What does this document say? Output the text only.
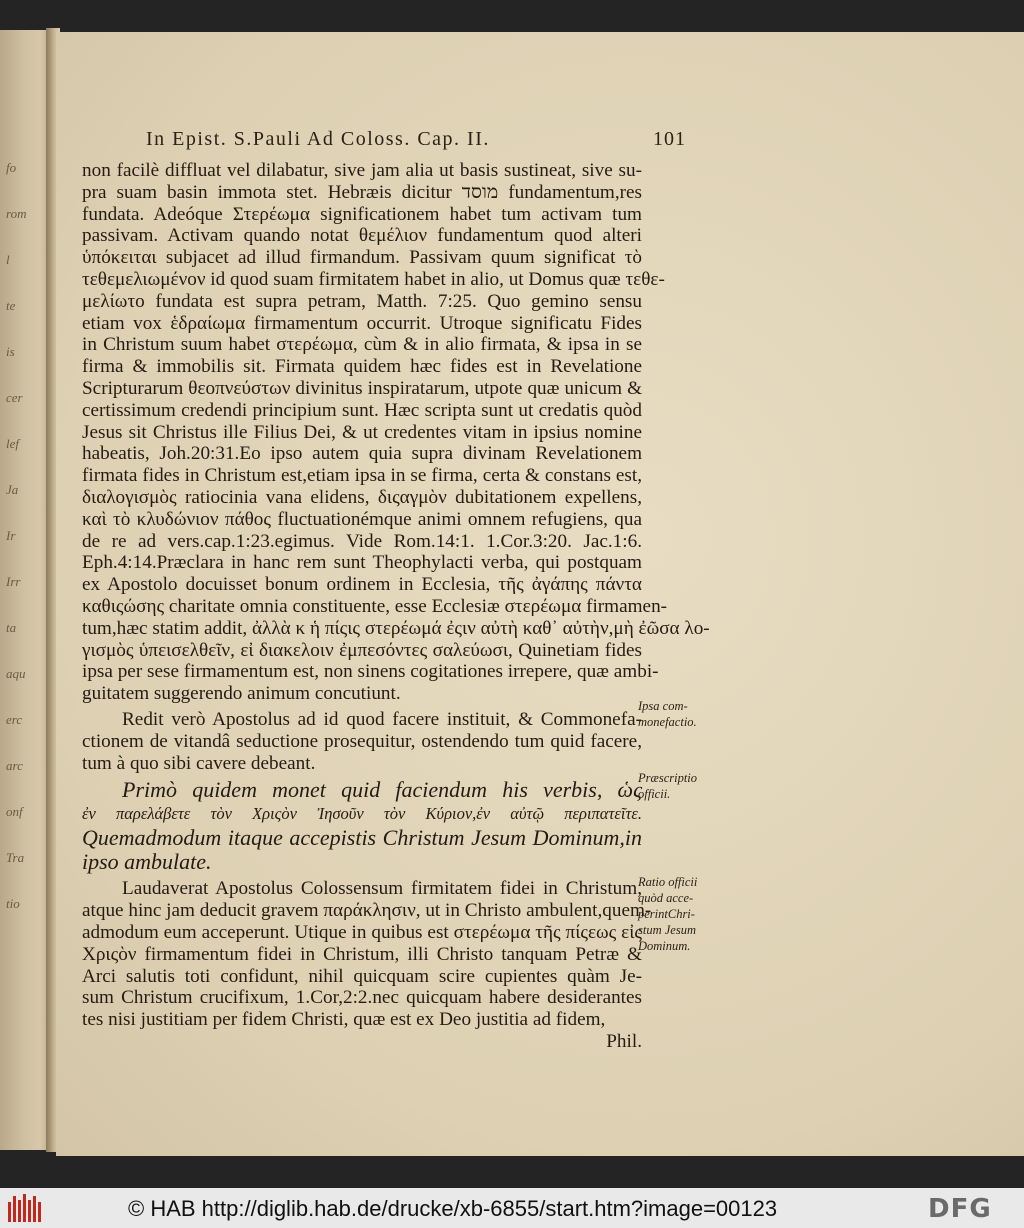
fo
rom
l
te
is
cer
lef
Ja
Ir
Irr
ta
aqu
erc
arc
onf
Tra
tio
In Epist. S.Pauli Ad Coloss. Cap. II.	101
non facilè diffluat vel dilabatur, sive jam alia ut basis sustineat, sive su-
pra suam basin immota stet. Hebræis dicitur מוסד fundamentum,res
fundata. Adeóque Στερέωμα significationem habet tum activam tum
passivam. Activam quando notat θεμέλιον fundamentum quod alteri
ὑπόκειται subjacet ad illud firmandum. Passivam quum significat τὸ
τεθεμελιωμένον id quod suam firmitatem habet in alio, ut Domus quæ τεθε-
μελίωτο fundata est supra petram, Matth. 7:25. Quo gemino sensu
etiam vox ἑδραίωμα firmamentum occurrit. Utroque significatu Fides
in Christum suum habet στερέωμα, cùm & in alio firmata, & ipsa in se
firma & immobilis sit. Firmata quidem hæc fides est in Revelatione
Scripturarum θεοπνεύστων divinitus inspiratarum, utpote quæ unicum &
certissimum credendi principium sunt. Hæc scripta sunt ut credatis quòd
Jesus sit Christus ille Filius Dei, & ut credentes vitam in ipsius nomine
habeatis, Joh.20:31.Eo ipso autem quia supra divinam Revelationem
firmata fides in Christum est,etiam ipsa in se firma, certa & constans est,
διαλογισμὸς ratiocinia vana elidens, διςαγμὸν dubitationem expellens,
καὶ τὸ κλυδώνιον πάθος fluctuationémque animi omnem refugiens, qua
de re ad vers.cap.1:23.egimus. Vide Rom.14:1. 1.Cor.3:20. Jac.1:6.
Eph.4:14.Præclara in hanc rem sunt Theophylacti verba, qui postquam
ex Apostolo docuisset bonum ordinem in Ecclesia, τῆς ἀγάπης πάντα
καθιςώσης charitate omnia constituente, esse Ecclesiæ στερέωμα firmamen-
tum,hæc statim addit, ἀλλὰ κ ἡ πίςις στερέωμά ἐςιν αὐτὴ καθ᾽ αὐτὴν,μὴ ἐῶσα λο-
γισμὸς ὑπεισελθεῖν, εἰ διακελοιν ἐμπεσόντες σαλεύωσι, Quinetiam fides
ipsa per sese firmamentum est, non sinens cogitationes irrepere, quæ ambi-
guitatem suggerendo animum concutiunt.
Redit verò Apostolus ad id quod facere instituit, & Commonefa-
ctionem de vitandâ seductione prosequitur, ostendendo tum quid facere,
tum à quo sibi cavere debeant.
Primò quidem monet quid faciendum his verbis, ὡς
ἐν παρελάβετε τὸν Χριςὸν Ἰησοῦν τὸν Κύριον,ἐν αὐτῷ περιπατεῖτε.
Quemadmodum itaque accepistis Christum Jesum Dominum,in
ipso ambulate.
Laudaverat Apostolus Colossensum firmitatem fidei in Christum,
atque hinc jam deducit gravem παράκλησιν, ut in Christo ambulent,quem-
admodum eum acceperunt. Utique in quibus est στερέωμα τῆς πίςεως εἰς
Χριςὸν firmamentum fidei in Christum, illi Christo tanquam Petræ &
Arci salutis toti confidunt, nihil quicquam scire cupientes quàm Je-
sum Christum crucifixum, 1.Cor,2:2.nec quicquam habere desiderantes
tes nisi justitiam per fidem Christi, quæ est ex Deo justitia ad fidem,
Phil.
Ipsa com-
monefactio.
Præscriptio
officii.
Ratio officii
quòd acce-
perintChri-
stum Jesum
Dominum.
© HAB http://diglib.hab.de/drucke/xb-6855/start.htm?image=00123	DFG
